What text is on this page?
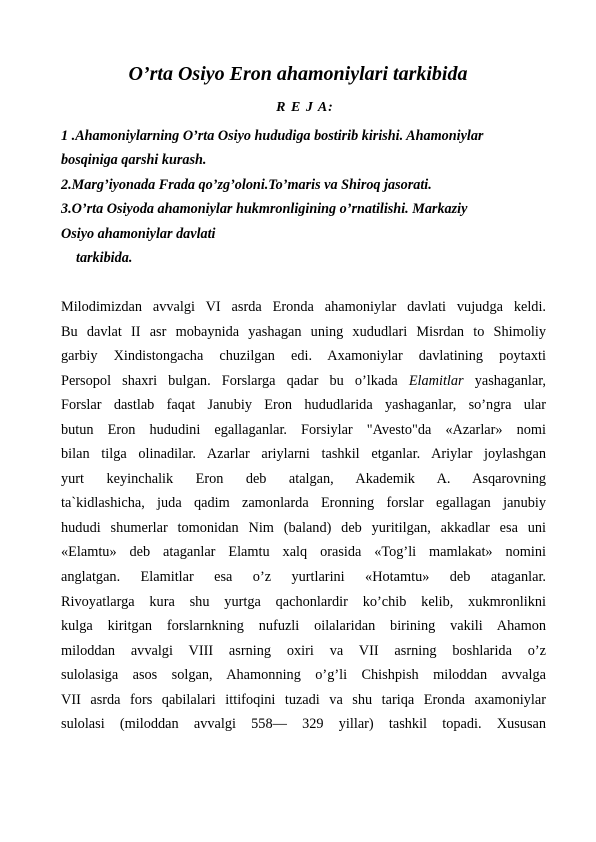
O’rta Osiyo Eron ahamoniylari tarkibida
R E J A:
1 .Ahamoniylarning O’rta Osiyo hududiga bostirib kirishi. Ahamoniylar
bosqiniga qarshi kurash.
2.Marg’iyonada Frada qo’zg’oloni.To’maris va Shiroq jasorati.
3.O’rta Osiyoda ahamoniylar hukmronligining o’rnatilishi. Markaziy
Osiyo ahamoniylar davlati
tarkibida.
Milodimizdan avvalgi VI asrda Eronda ahamoniylar davlati vujudga keldi.
Bu davlat II asr mobaynida yashagan uning xududlari Misrdan to Shimoliy
garbiy Xindistongacha chuzilgan edi. Axamoniylar davlatining poytaxti
Persopol shaxri bulgan. Forslarga qadar bu o’lkada Elamitlar yashaganlar,
Forslar dastlab faqat Janubiy Eron hududlarida yashaganlar, so’ngra ular
butun Eron hududini egallaganlar. Forsiylar "Avesto"da «Azarlar» nomi
bilan tilga olinadilar. Azarlar ariylarni tashkil etganlar. Ariylar joylashgan
yurt keyinchalik Eron deb atalgan, Akademik A. Asqarovning
ta`kidlashicha, juda qadim zamonlarda Eronning forslar egallagan janubiy
hududi shumerlar tomonidan Nim (baland) deb yuritilgan, akkadlar esa uni
«Elamtu» deb ataganlar Elamtu xalq orasida «Tog’li mamlakat» nomini
anglatgan. Elamitlar esa o’z yurtlarini «Hotamtu» deb ataganlar.
Rivoyatlarga kura shu yurtga qachonlardir ko’chib kelib, xukmronlikni
kulga kiritgan forslarnkning nufuzli oilalaridan birining vakili Ahamon
miloddan avvalgi VIII asrning oxiri va VII asrning boshlarida o’z
sulolasiga asos solgan, Ahamonning o’g’li Chishpish miloddan avvalga
VII asrda fors qabilalari ittifoqini tuzadi va shu tariqa Eronda axamoniylar
sulolasi (miloddan avvalgi 558— 329 yillar) tashkil topadi. Xususan
